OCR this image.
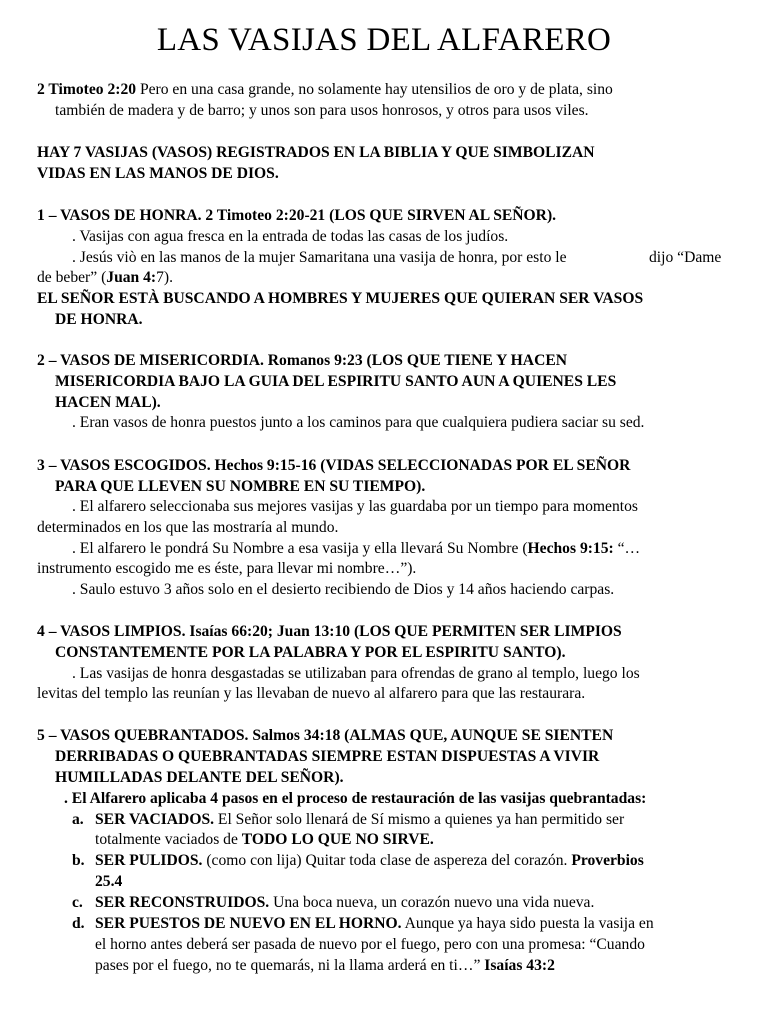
LAS VASIJAS DEL ALFARERO
2 Timoteo 2:20 Pero en una casa grande, no solamente hay utensilios de oro y de plata, sino
también de madera y de barro; y unos son para usos honrosos, y otros para usos viles.
HAY 7 VASIJAS (VASOS) REGISTRADOS EN LA BIBLIA Y QUE SIMBOLIZAN
VIDAS EN LAS MANOS DE DIOS.
1 – VASOS DE HONRA. 2 Timoteo 2:20-21 (LOS QUE SIRVEN AL SEÑOR).
. Vasijas con agua fresca en la entrada de todas las casas de los judíos.
. Jesús viò en las manos de la mujer Samaritana una vasija de honra, por esto le	dijo “Dame
de beber” (Juan 4:7).
EL SEÑOR ESTÀ BUSCANDO A HOMBRES Y MUJERES QUE QUIERAN SER VASOS
DE HONRA.
2 – VASOS DE MISERICORDIA. Romanos 9:23 (LOS QUE TIENE Y HACEN
MISERICORDIA BAJO LA GUIA DEL ESPIRITU SANTO AUN A QUIENES LES
HACEN MAL).
. Eran vasos de honra puestos junto a los caminos para que cualquiera pudiera saciar su sed.
3 – VASOS ESCOGIDOS. Hechos 9:15-16 (VIDAS SELECCIONADAS POR EL SEÑOR
PARA QUE LLEVEN SU NOMBRE EN SU TIEMPO).
. El alfarero seleccionaba sus mejores vasijas y las guardaba por un tiempo para momentos
determinados en los que las mostraría al mundo.
. El alfarero le pondrá Su Nombre a esa vasija y ella llevará Su Nombre (Hechos 9:15: “…
instrumento escogido me es éste, para llevar mi nombre…”).
. Saulo estuvo 3 años solo en el desierto recibiendo de Dios y 14 años haciendo carpas.
4 – VASOS LIMPIOS. Isaías 66:20; Juan 13:10 (LOS QUE PERMITEN SER LIMPIOS
CONSTANTEMENTE POR LA PALABRA Y POR EL ESPIRITU SANTO).
. Las vasijas de honra desgastadas se utilizaban para ofrendas de grano al templo, luego los
levitas del templo las reunían y las llevaban de nuevo al alfarero para que las restaurara.
5 – VASOS QUEBRANTADOS. Salmos 34:18 (ALMAS QUE, AUNQUE SE SIENTEN
DERRIBADAS O QUEBRANTADAS SIEMPRE ESTAN DISPUESTAS A VIVIR
HUMILLADAS DELANTE DEL SEÑOR).
. El Alfarero aplicaba 4 pasos en el proceso de restauración de las vasijas quebrantadas:
a. SER VACIADOS. El Señor solo llenará de Sí mismo a quienes ya han permitido ser
totalmente vaciados de TODO LO QUE NO SIRVE.
b. SER PULIDOS. (como con lija) Quitar toda clase de aspereza del corazón. Proverbios
25.4
c. SER RECONSTRUIDOS. Una boca nueva, un corazón nuevo una vida nueva.
d. SER PUESTOS DE NUEVO EN EL HORNO. Aunque ya haya sido puesta la vasija en
el horno antes deberá ser pasada de nuevo por el fuego, pero con una promesa: “Cuando
pases por el fuego, no te quemarás, ni la llama arderá en ti…” Isaías 43:2
